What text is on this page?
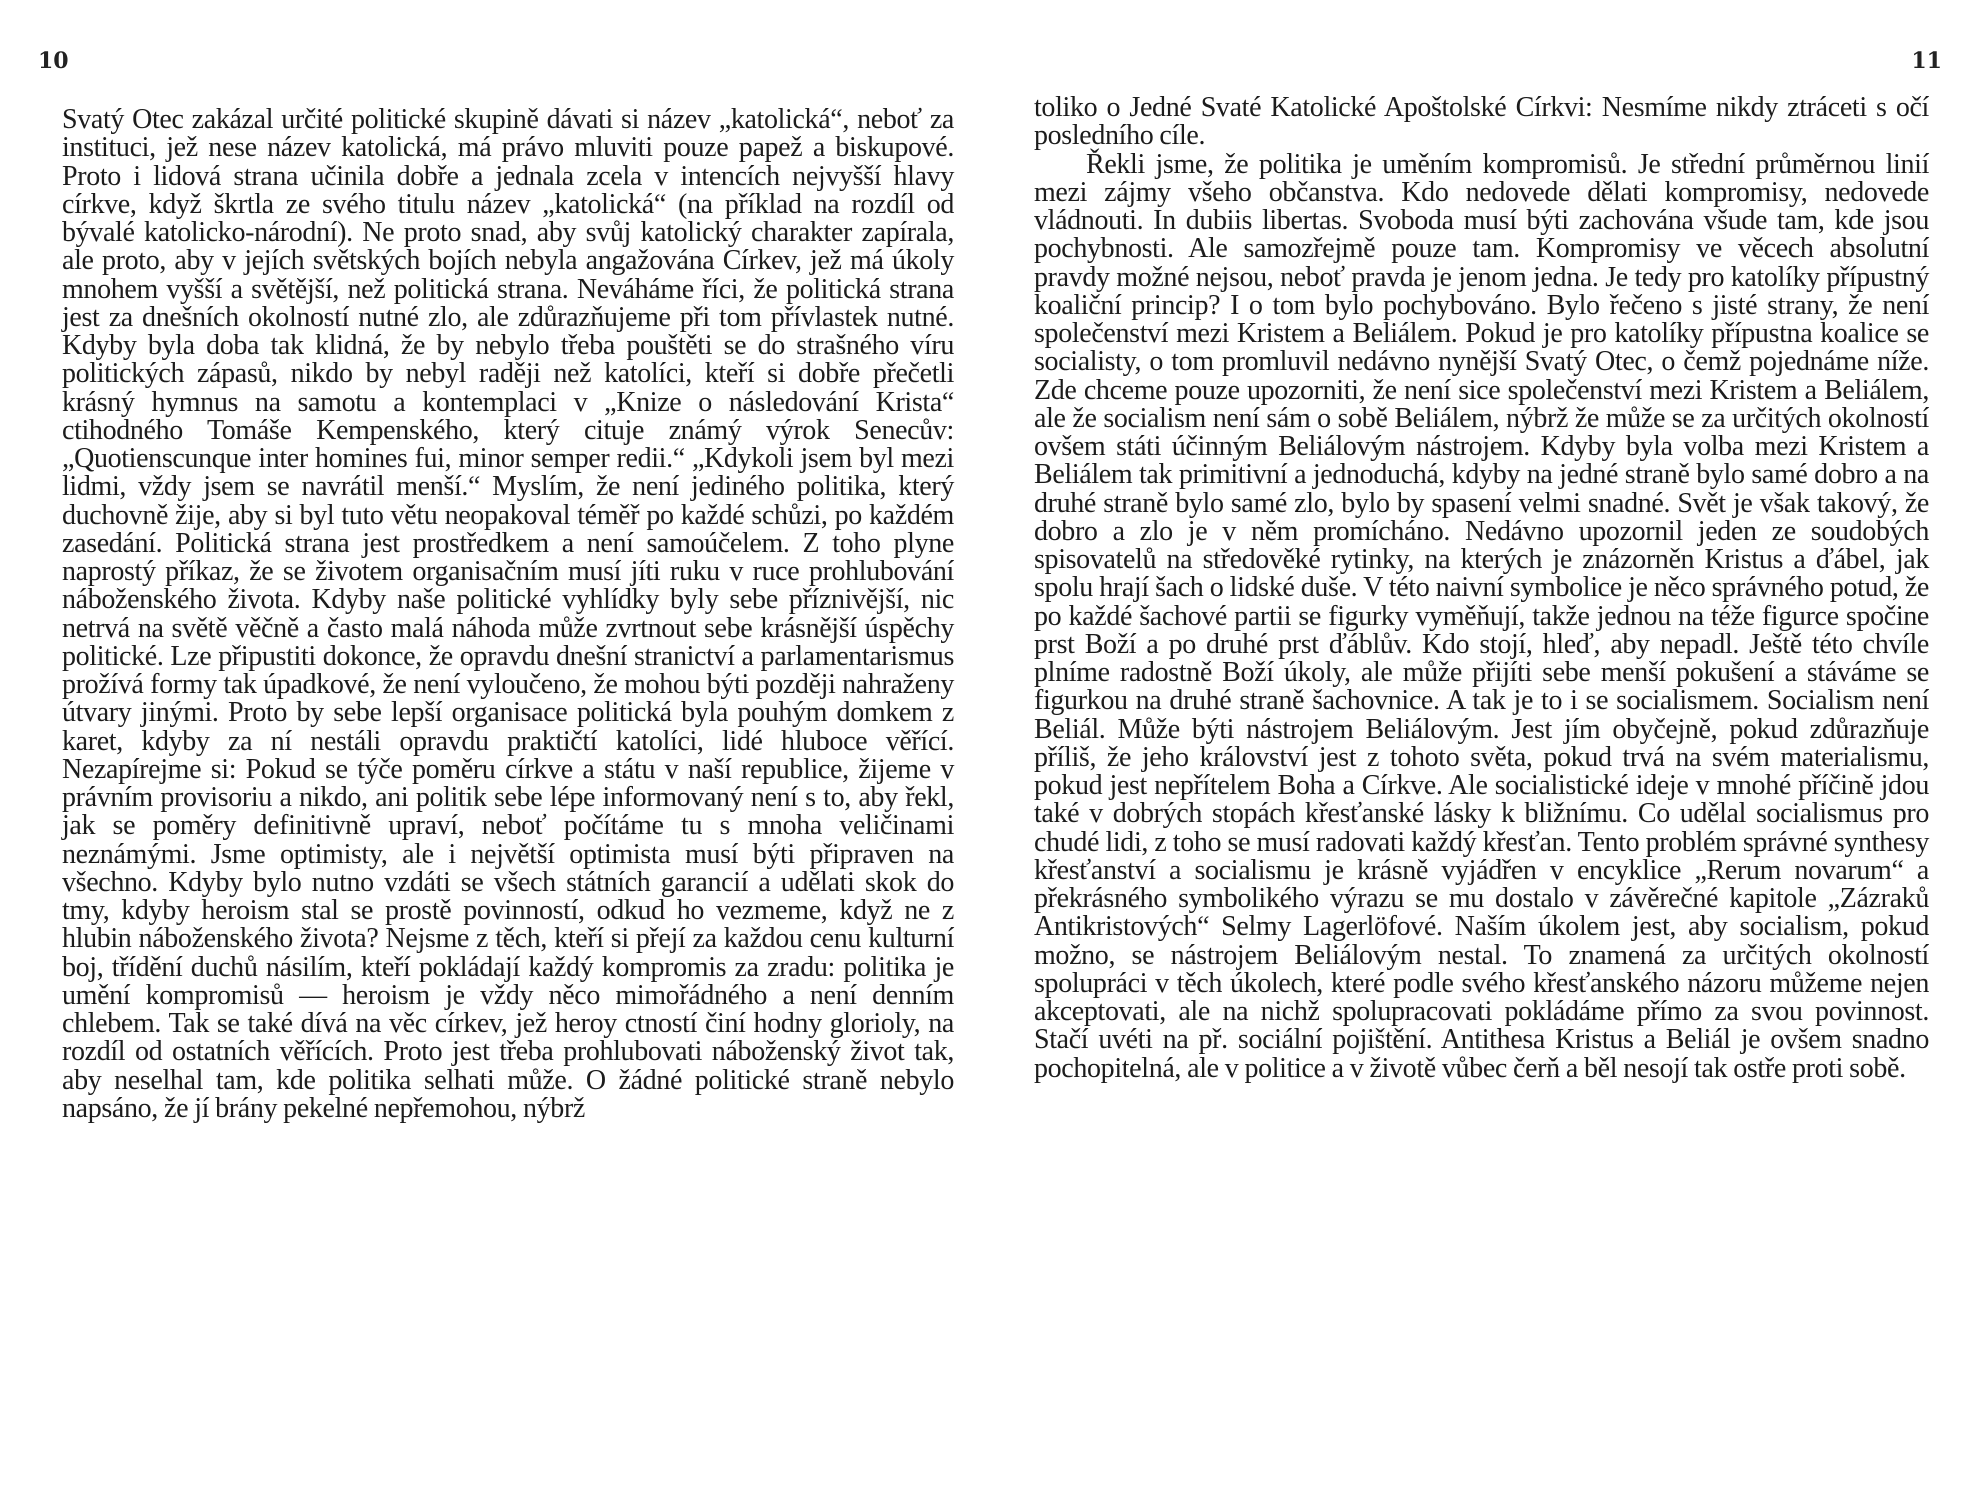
10

Svatý Otec zakázal určité politické skupině dávati si název „katolická“, neboť za instituci, jež nese název katolická, má právo mluviti pouze papež a biskupové. Proto i lidová strana učinila dobře a jednala zcela v intencích nejvyšší hlavy církve, když škrtla ze svého titulu název „katolická“ (na příklad na rozdíl od bývalé katolicko-národní). Ne proto snad, aby svůj katolický charakter zapírala, ale proto, aby v jejích světských bojích nebyla angažována Církev, jež má úkoly mnohem vyšší a světější, než politická strana. Neváháme říci, že politická strana jest za dnešních okolností nutné zlo, ale zdůrazňujeme při tom přívlastek nutné. Kdyby byla doba tak klidná, že by nebylo třeba pouštěti se do strašného víru politických zápasů, nikdo by nebyl raději než katolíci, kteří si dobře přečetli krásný hymnus na samotu a kontemplaci v „Knize o následování Krista“ ctihodného Tomáše Kempenského, který cituje známý výrok Senecův: „Quotienscunque inter homines fui, minor semper redii.“ „Kdykoli jsem byl mezi lidmi, vždy jsem se navrátil menší.“ Myslím, že není jediného politika, který duchovně žije, aby si byl tuto větu neopakoval téměř po každé schůzi, po každém zasedání. Politická strana jest prostředkem a není samoúčelem. Z toho plyne naprostý příkaz, že se životem organisačním musí jíti ruku v ruce prohlubování náboženského života. Kdyby naše politické vyhlídky byly sebe příznivější, nic netrvá na světě věčně a často malá náhoda může zvrtnout sebe krásnější úspěchy politické. Lze připustiti dokonce, že opravdu dnešní stranictví a parlamentarismus prožívá formy tak úpadkové, že není vyloučeno, že mohou býti později nahraženy útvary jinými. Proto by sebe lepší organisace politická byla pouhým domkem z karet, kdyby za ní nestáli opravdu praktičtí katolíci, lidé hluboce věřící. Nezapírejme si: Pokud se týče poměru církve a státu v naší republice, žijeme v právním provisoriu a nikdo, ani politik sebe lépe informovaný není s to, aby řekl, jak se poměry definitivně upraví, neboť počítáme tu s mnoha veličinami neznámými. Jsme optimisty, ale i největší optimista musí býti připraven na všechno. Kdyby bylo nutno vzdáti se všech státních garancií a udělati skok do tmy, kdyby heroism stal se prostě povinností, odkud ho vezmeme, když ne z hlubin náboženského života? Nejsme z těch, kteří si přejí za každou cenu kulturní boj, třídění duchů násilím, kteří pokládají každý kompromis za zradu: politika je umění kompromisů — heroism je vždy něco mimořádného a není denním chlebem. Tak se také dívá na věc církev, jež heroy ctností činí hodny glorioly, na rozdíl od ostatních věřících. Proto jest třeba prohlubovati náboženský život tak, aby neselhal tam, kde politika selhati může. O žádné politické straně nebylo napsáno, že jí brány pekelné nepřemohou, nýbrž

11

toliko o Jedné Svaté Katolické Apoštolské Církvi: Nesmíme nikdy ztráceti s očí posledního cíle.

Řekli jsme, že politika je uměním kompromisů. Je střední průměrnou linií mezi zájmy všeho občanstva. Kdo nedovede dělati kompromisy, nedovede vládnouti. In dubiis libertas. Svoboda musí býti zachována všude tam, kde jsou pochybnosti. Ale samozřejmě pouze tam. Kompromisy ve věcech absolutní pravdy možné nejsou, neboť pravda je jenom jedna. Je tedy pro katolíky přípustný koaliční princip? I o tom bylo pochybováno. Bylo řečeno s jisté strany, že není společenství mezi Kristem a Beliálem. Pokud je pro katolíky přípustna koalice se socialisty, o tom promluvil nedávno nynější Svatý Otec, o čemž pojednáme níže. Zde chceme pouze upozorniti, že není sice společenství mezi Kristem a Beliálem, ale že socialism není sám o sobě Beliálem, nýbrž že může se za určitých okolností ovšem státi účinným Beliálovým nástrojem. Kdyby byla volba mezi Kristem a Beliálem tak primitivní a jednoduchá, kdyby na jedné straně bylo samé dobro a na druhé straně bylo samé zlo, bylo by spasení velmi snadné. Svět je však takový, že dobro a zlo je v něm promícháno. Nedávno upozornil jeden ze soudobých spisovatelů na středověké rytinky, na kterých je znázorněn Kristus a ďábel, jak spolu hrají šach o lidské duše. V této naivní symbolice je něco správného potud, že po každé šachové partii se figurky vyměňují, takže jednou na téže figurce spočine prst Boží a po druhé prst ďáblův. Kdo stojí, hleď, aby nepadl. Ještě této chvíle plníme radostně Boží úkoly, ale může přijíti sebe menší pokušení a stáváme se figurkou na druhé straně šachovnice. A tak je to i se socialismem. Socialism není Beliál. Může býti nástrojem Beliálovým. Jest jím obyčejně, pokud zdůrazňuje příliš, že jeho království jest z tohoto světa, pokud trvá na svém materialismu, pokud jest nepřítelem Boha a Církve. Ale socialistické ideje v mnohé příčině jdou také v dobrých stopách křesťanské lásky k bližnímu. Co udělal socialismus pro chudé lidi, z toho se musí radovati každý křesťan. Tento problém správné synthesy křesťanství a socialismu je krásně vyjádřen v encyklice „Rerum novarum“ a překrásného symbolikého výrazu se mu dostalo v závěrečné kapitole „Zázraků Antikristových“ Selmy Lagerlöfové. Naším úkolem jest, aby socialism, pokud možno, se nástrojem Beliálovým nestal. To znamená za určitých okolností spolupráci v těch úkolech, které podle svého křesťanského názoru můžeme nejen akceptovati, ale na nichž spolupracovati pokládáme přímo za svou povinnost. Stačí uvéti na př. sociální pojištění. Antithesa Kristus a Beliál je ovšem snadno pochopitelná, ale v politice a v životě vůbec čerň a běl nesojí tak ostře proti sobě.
